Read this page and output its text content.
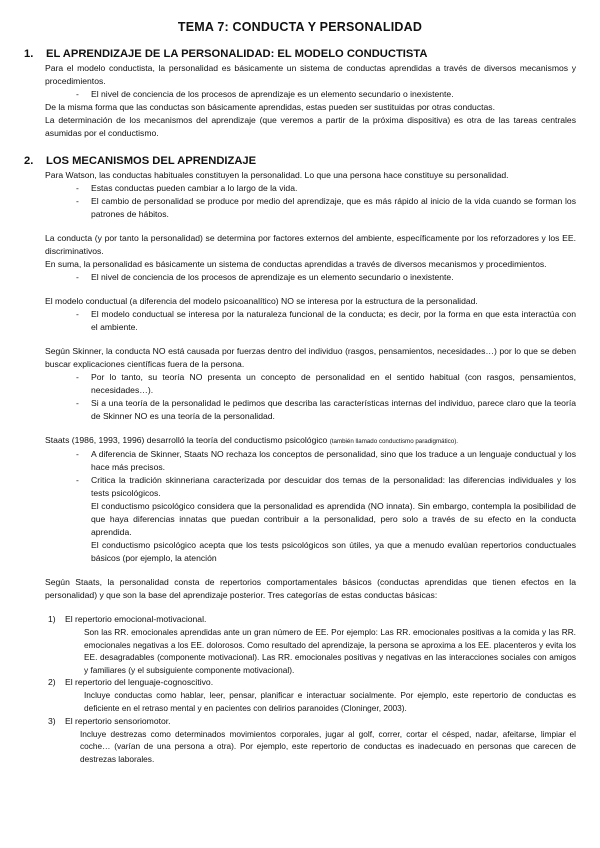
TEMA 7: CONDUCTA Y PERSONALIDAD
1.	EL APRENDIZAJE DE LA PERSONALIDAD: EL MODELO CONDUCTISTA
Para el modelo conductista, la personalidad es básicamente un sistema de conductas aprendidas a través de diversos mecanismos y procedimientos.
-	El nivel de conciencia de los procesos de aprendizaje es un elemento secundario o inexistente.
De la misma forma que las conductas son básicamente aprendidas, estas pueden ser sustituidas por otras conductas.
La determinación de los mecanismos del aprendizaje (que veremos a partir de la próxima dispositiva) es otra de las tareas centrales asumidas por el conductismo.
2.	LOS MECANISMOS DEL APRENDIZAJE
Para Watson, las conductas habituales constituyen la personalidad. Lo que una persona hace constituye su personalidad.
-	Estas conductas pueden cambiar a lo largo de la vida.
-	El cambio de personalidad se produce por medio del aprendizaje, que es más rápido al inicio de la vida cuando se forman los patrones de hábitos.
La conducta (y por tanto la personalidad) se determina por factores externos del ambiente, específicamente por los reforzadores y los EE. discriminativos.
En suma, la personalidad es básicamente un sistema de conductas aprendidas a través de diversos mecanismos y procedimientos.
-	El nivel de conciencia de los procesos de aprendizaje es un elemento secundario o inexistente.
El modelo conductual (a diferencia del modelo psicoanalítico) NO se interesa por la estructura de la personalidad.
-	El modelo conductual se interesa por la naturaleza funcional de la conducta; es decir, por la forma en que esta interactúa con el ambiente.
Según Skinner, la conducta NO está causada por fuerzas dentro del individuo (rasgos, pensamientos, necesidades…) por lo que se deben buscar explicaciones científicas fuera de la persona.
-	Por lo tanto, su teoría NO presenta un concepto de personalidad en el sentido habitual (con rasgos, pensamientos, necesidades…).
-	Si a una teoría de la personalidad le pedimos que describa las características internas del individuo, parece claro que la teoría de Skinner NO es una teoría de la personalidad.
Staats (1986, 1993, 1996) desarrolló la teoría del conductismo psicológico (también llamado conductismo paradigmático).
-	A diferencia de Skinner, Staats NO rechaza los conceptos de personalidad, sino que los traduce a un lenguaje conductual y los hace más precisos.
-	Critica la tradición skinneriana caracterizada por descuidar dos temas de la personalidad: las diferencias individuales y los tests psicológicos.
El conductismo psicológico considera que la personalidad es aprendida (NO innata). Sin embargo, contempla la posibilidad de que haya diferencias innatas que puedan contribuir a la personalidad, pero solo a través de su efecto en la conducta aprendida.
El conductismo psicológico acepta que los tests psicológicos son útiles, ya que a menudo evalúan repertorios conductuales básicos (por ejemplo, la atención
Según Staats, la personalidad consta de repertorios comportamentales básicos (conductas aprendidas que tienen efectos en la personalidad) y que son la base del aprendizaje posterior. Tres categorías de estas conductas básicas:
1)	El repertorio emocional-motivacional.
Son las RR. emocionales aprendidas ante un gran número de EE. Por ejemplo: Las RR. emocionales positivas a la comida y las RR. emocionales negativas a los EE. dolorosos. Como resultado del aprendizaje, la persona se aproxima a los EE. placenteros y evita los EE. desagradables (componente motivacional). Las RR. emocionales positivas y negativas en las interacciones sociales con amigos y familiares (y el subsiguiente componente motivacional).
2)	El repertorio del lenguaje-cognoscitivo.
Incluye conductas como hablar, leer, pensar, planificar e interactuar socialmente. Por ejemplo, este repertorio de conductas es deficiente en el retraso mental y en pacientes con delirios paranoides (Cloninger, 2003).
3)	El repertorio sensoriomotor.
Incluye destrezas como determinados movimientos corporales, jugar al golf, correr, cortar el césped, nadar, afeitarse, limpiar el coche… (varían de una persona a otra). Por ejemplo, este repertorio de conductas es inadecuado en personas que carecen de destrezas laborales.
